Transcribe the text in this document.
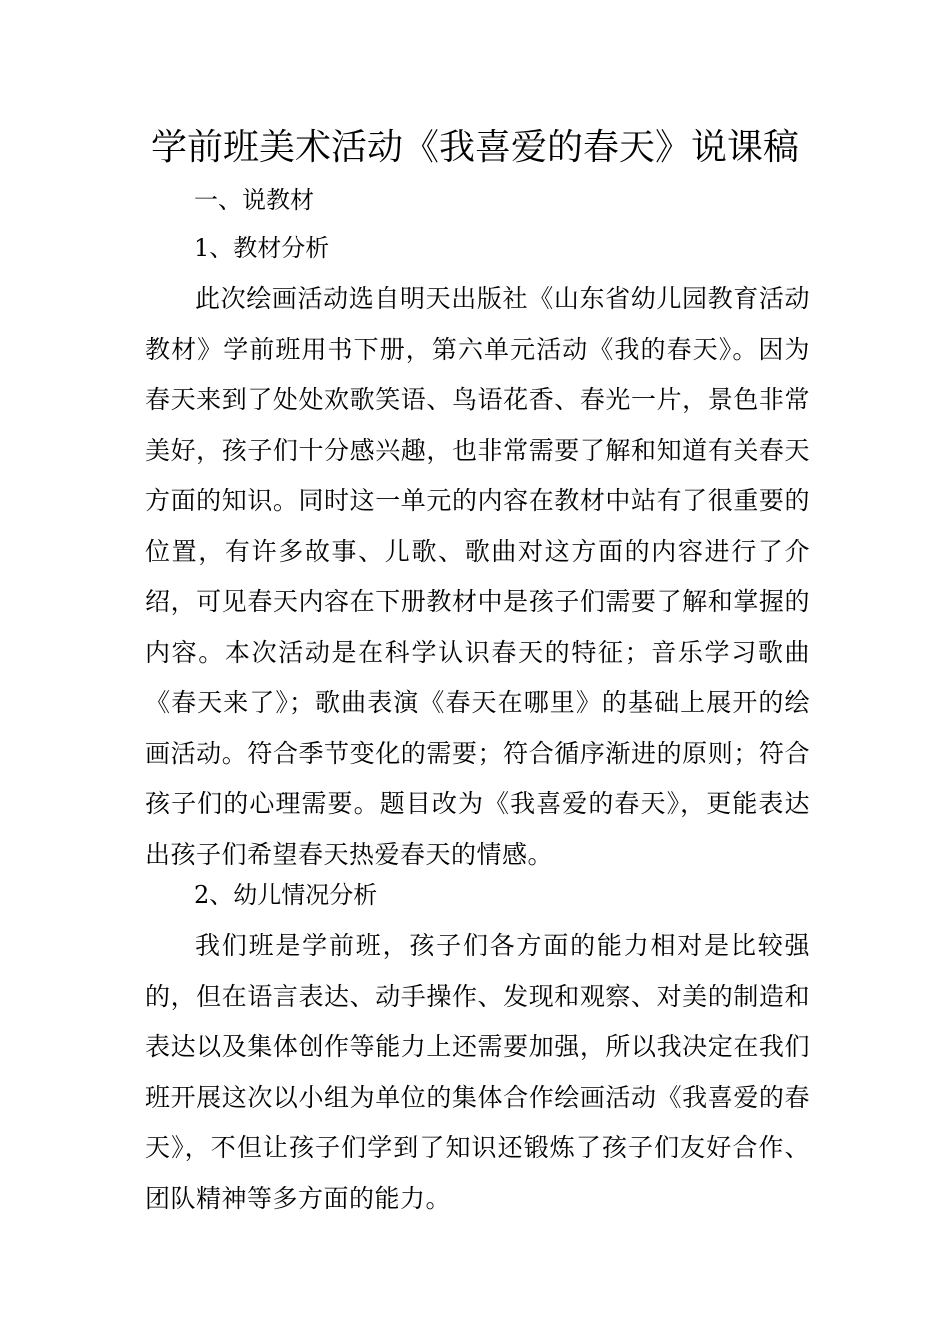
学前班美术活动《我喜爱的春天》说课稿
一、说教材
1、教材分析

此次绘画活动选自明天出版社《山东省幼儿园教育活动教材》学前班用书下册，第六单元活动《我的春天》。因为春天来到了处处欢歌笑语、鸟语花香、春光一片，景色非常美好，孩子们十分感兴趣，也非常需要了解和知道有关春天方面的知识。同时这一单元的内容在教材中站有了很重要的位置，有许多故事、儿歌、歌曲对这方面的内容进行了介绍，可见春天内容在下册教材中是孩子们需要了解和掌握的内容。本次活动是在科学认识春天的特征；音乐学习歌曲《春天来了》；歌曲表演《春天在哪里》的基础上展开的绘画活动。符合季节变化的需要；符合循序渐进的原则；符合孩子们的心理需要。题目改为《我喜爱的春天》，更能表达出孩子们希望春天热爱春天的情感。

2、幼儿情况分析

我们班是学前班，孩子们各方面的能力相对是比较强的，但在语言表达、动手操作、发现和观察、对美的制造和表达以及集体创作等能力上还需要加强，所以我决定在我们班开展这次以小组为单位的集体合作绘画活动《我喜爱的春天》，不但让孩子们学到了知识还锻炼了孩子们友好合作、团队精神等多方面的能力。
